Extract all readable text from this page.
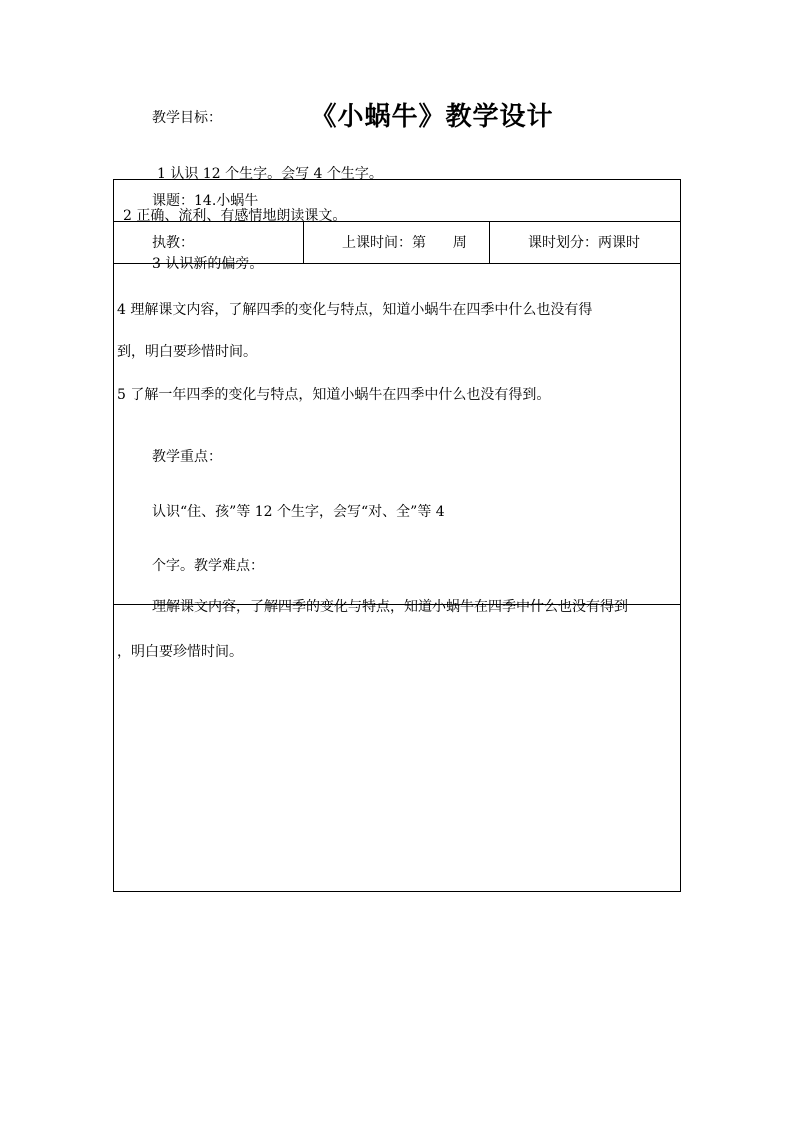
《小蜗牛》教学设计
课题：14.小蜗牛
执教：	上课时间：第      周	课时划分：两课时
教学目标：
1 认识 12 个生字。会写 4 个生字。
2 正确、流利、有感情地朗读课文。
3 认识新的偏旁。
4 理解课文内容，了解四季的变化与特点，知道小蜗牛在四季中什么也没有得
到，明白要珍惜时间。
5 了解一年四季的变化与特点，知道小蜗牛在四季中什么也没有得到。
教学重点：
认识“住、孩”等 12 个生字，会写“对、全”等 4
个字。教学难点：
理解课文内容，了解四季的变化与特点，知道小蜗牛在四季中什么也没有得到
，明白要珍惜时间。
